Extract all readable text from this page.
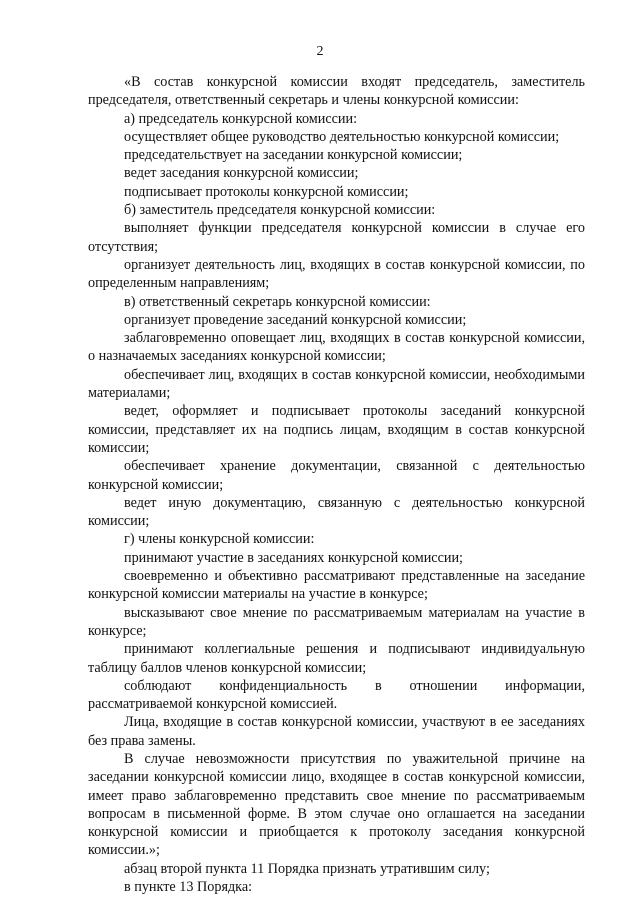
2

«В состав конкурсной комиссии входят председатель, заместитель председателя, ответственный секретарь и члены конкурсной комиссии:

а) председатель конкурсной комиссии:

осуществляет общее руководство деятельностью конкурсной комиссии;

председательствует на заседании конкурсной комиссии;

ведет заседания конкурсной комиссии;

подписывает протоколы конкурсной комиссии;

б) заместитель председателя конкурсной комиссии:

выполняет функции председателя конкурсной комиссии в случае его отсутствия;

организует деятельность лиц, входящих в состав конкурсной комиссии, по определенным направлениям;

в) ответственный секретарь конкурсной комиссии:

организует проведение заседаний конкурсной комиссии;

заблаговременно оповещает лиц, входящих в состав конкурсной комиссии, о назначаемых заседаниях конкурсной комиссии;

обеспечивает лиц, входящих в состав конкурсной комиссии, необходимыми материалами;

ведет, оформляет и подписывает протоколы заседаний конкурсной комиссии, представляет их на подпись лицам, входящим в состав конкурсной комиссии;

обеспечивает хранение документации, связанной с деятельностью конкурсной комиссии;

ведет иную документацию, связанную с деятельностью конкурсной комиссии;

г) члены конкурсной комиссии:

принимают участие в заседаниях конкурсной комиссии;

своевременно и объективно рассматривают представленные на заседание конкурсной комиссии материалы на участие в конкурсе;

высказывают свое мнение по рассматриваемым материалам на участие в конкурсе;

принимают коллегиальные решения и подписывают индивидуальную таблицу баллов членов конкурсной комиссии;

соблюдают конфиденциальность в отношении информации, рассматриваемой конкурсной комиссией.

Лица, входящие в состав конкурсной комиссии, участвуют в ее заседаниях без права замены.

В случае невозможности присутствия по уважительной причине на заседании конкурсной комиссии лицо, входящее в состав конкурсной комиссии, имеет право заблаговременно представить свое мнение по рассматриваемым вопросам в письменной форме. В этом случае оно оглашается на заседании конкурсной комиссии и приобщается к протоколу заседания конкурсной комиссии.»;

абзац второй пункта 11 Порядка признать утратившим силу;

в пункте 13 Порядка:
